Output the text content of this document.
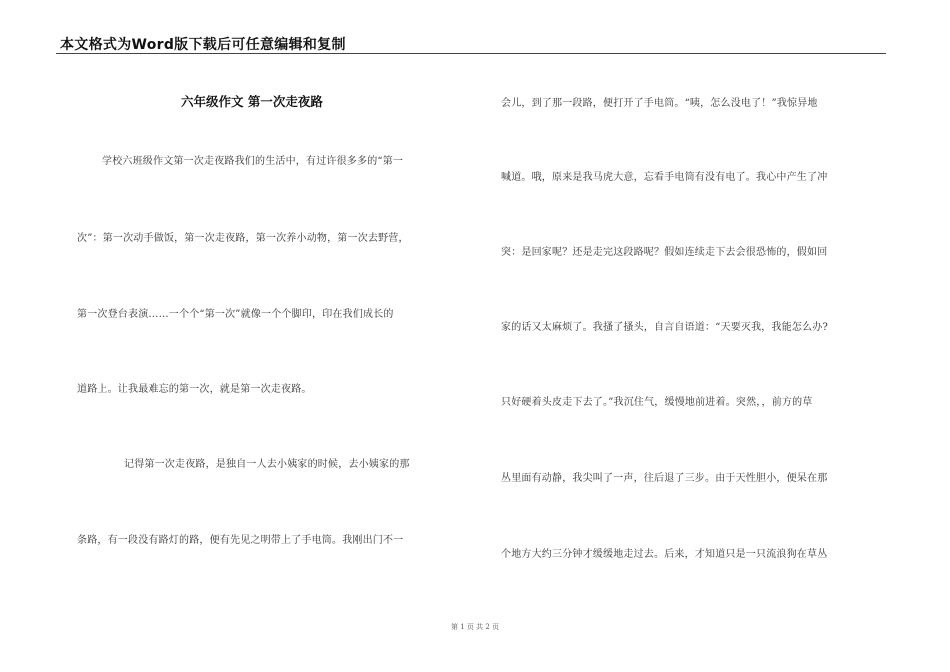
本文格式为Word版下载后可任意编辑和复制
六年级作文 第一次走夜路
学校六班级作文第一次走夜路我们的生活中，有过许很多多的“第一
次”：第一次动手做饭，第一次走夜路，第一次养小动物，第一次去野营，
第一次登台表演……一个个“第一次”就像一个个脚印，印在我们成长的
道路上。让我最难忘的第一次，就是第一次走夜路。
记得第一次走夜路，是独自一人去小姨家的时候，去小姨家的那
条路，有一段没有路灯的路，便有先见之明带上了手电筒。我刚出门不一
会儿，到了那一段路，便打开了手电筒。“咦，怎么没电了！”我惊异地
喊道。哦，原来是我马虎大意，忘看手电筒有没有电了。我心中产生了冲
突：是回家呢？还是走完这段路呢？假如连续走下去会很恐怖的，假如回
家的话又太麻烦了。我搔了搔头，自言自语道：“天要灭我，我能怎么办?
只好硬着头皮走下去了。”我沉住气，缓慢地前进着。突然，，前方的草
丛里面有动静，我尖叫了一声，往后退了三步。由于天性胆小，便呆在那
个地方大约三分钟才缓缓地走过去。后来，才知道只是一只流浪狗在草丛
第 1 页 共 2 页
